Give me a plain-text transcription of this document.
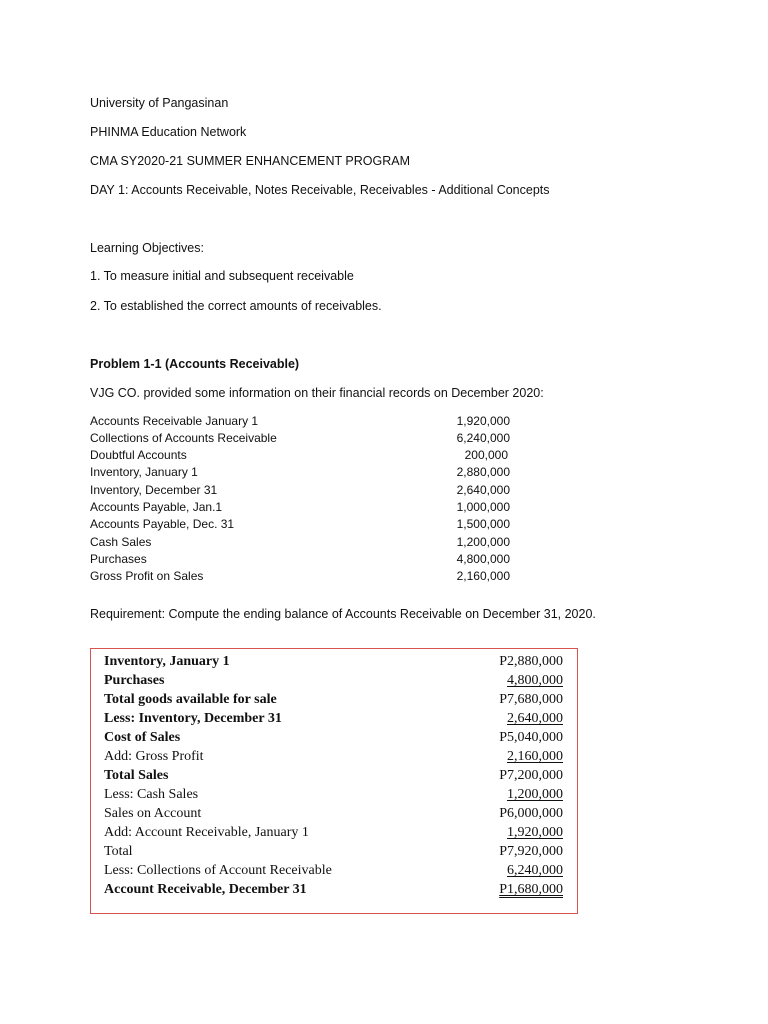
University of Pangasinan

PHINMA Education Network

CMA SY2020-21 SUMMER ENHANCEMENT PROGRAM

DAY 1: Accounts Receivable, Notes Receivable, Receivables - Additional Concepts

Learning Objectives:

1. To measure initial and subsequent receivable

2. To established the correct amounts of receivables.

Problem 1-1 (Accounts Receivable)

VJG CO. provided some information on their financial records on December 2020:

Accounts Receivable January 1	1,920,000
Collections of Accounts Receivable	6,240,000
Doubtful Accounts	200,000
Inventory, January 1	2,880,000
Inventory, December 31	2,640,000
Accounts Payable, Jan.1	1,000,000
Accounts Payable, Dec. 31	1,500,000
Cash Sales	1,200,000
Purchases	4,800,000
Gross Profit on Sales	2,160,000

Requirement: Compute the ending balance of Accounts Receivable on December 31, 2020.

Inventory, January 1	P2,880,000
Purchases	4,800,000
Total goods available for sale	P7,680,000
Less: Inventory, December 31	2,640,000
Cost of Sales	P5,040,000
Add: Gross Profit	2,160,000
Total Sales	P7,200,000
Less: Cash Sales	1,200,000
Sales on Account	P6,000,000
Add: Account Receivable, January 1	1,920,000
Total	P7,920,000
Less: Collections of Account Receivable	6,240,000
Account Receivable, December 31	P1,680,000
